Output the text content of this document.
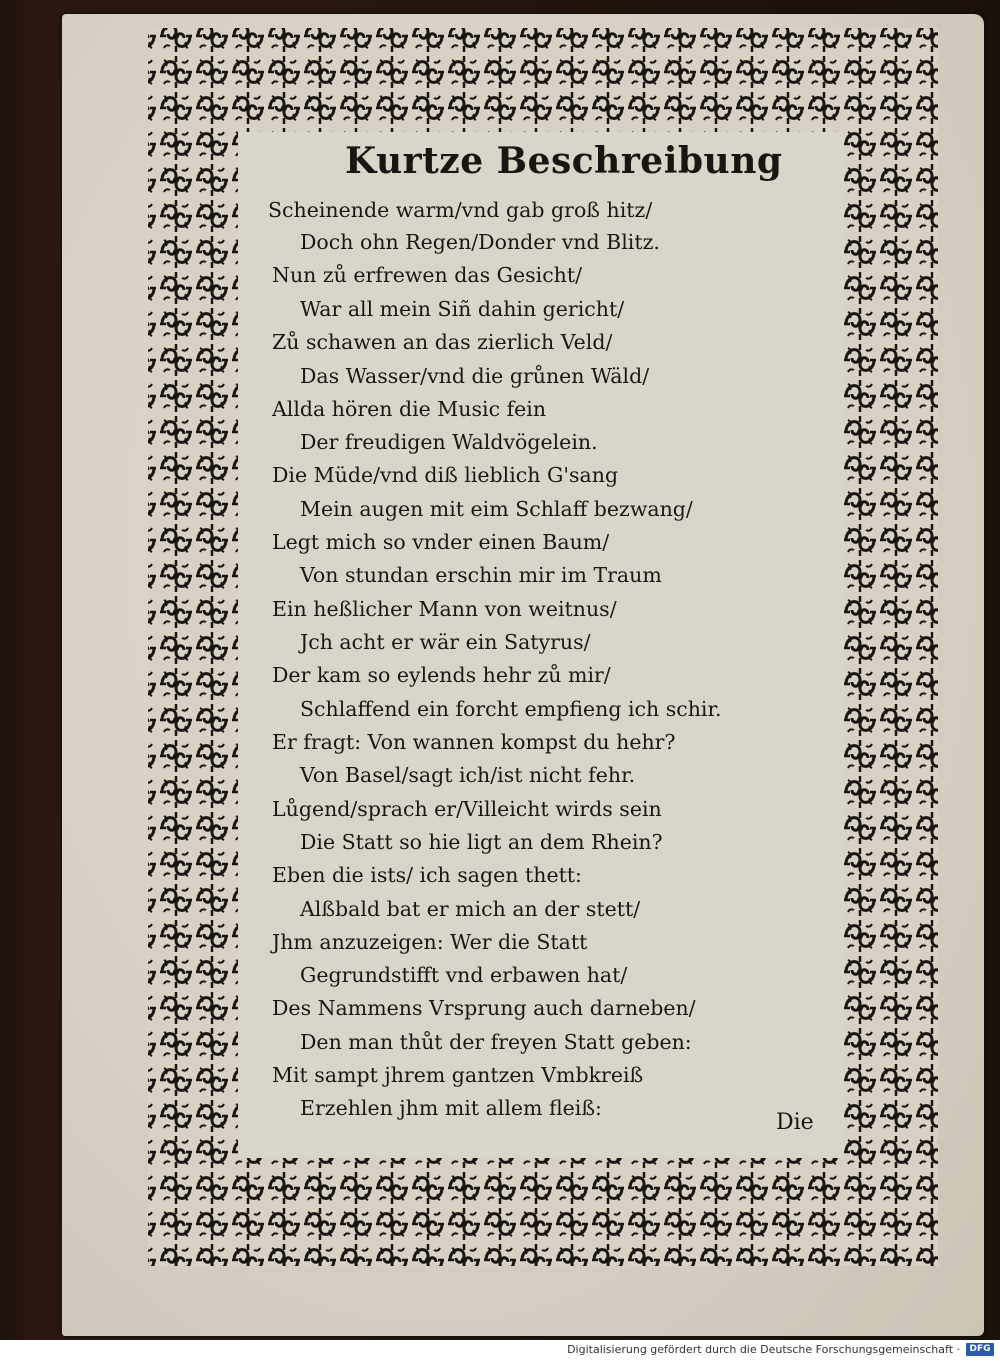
Kurtze Beschreibung
Scheinende warm/vnd gab groß hitz/
Doch ohn Regen/Donder vnd Blitz.
Nun zů erfrewen das Gesicht/
War all mein Siñ dahin gericht/
Zů schawen an das zierlich Veld/
Das Wasser/vnd die grůnen Wäld/
Allda hören die Music fein
Der freudigen Waldvögelein.
Die Müde/vnd diß lieblich G'sang
Mein augen mit eim Schlaff bezwang/
Legt mich so vnder einen Baum/
Von stundan erschin mir im Traum
Ein heßlicher Mann von weitnus/
Jch acht er wär ein Satyrus/
Der kam so eylends hehr zů mir/
Schlaffend ein forcht empfieng ich schir.
Er fragt: Von wannen kompst du hehr?
Von Basel/sagt ich/ist nicht fehr.
Lůgend/sprach er/Villeicht wirds sein
Die Statt so hie ligt an dem Rhein?
Eben die ists/ ich sagen thett:
Alßbald bat er mich an der stett/
Jhm anzuzeigen: Wer die Statt
Gegrundstifft vnd erbawen hat/
Des Nammens Vrsprung auch darneben/
Den man thůt der freyen Statt geben:
Mit sampt jhrem gantzen Vmbkreiß
Erzehlen jhm mit allem fleiß:
Die
Digitalisierung gefördert durch die Deutsche Forschungsgemeinschaft ·	DFG
